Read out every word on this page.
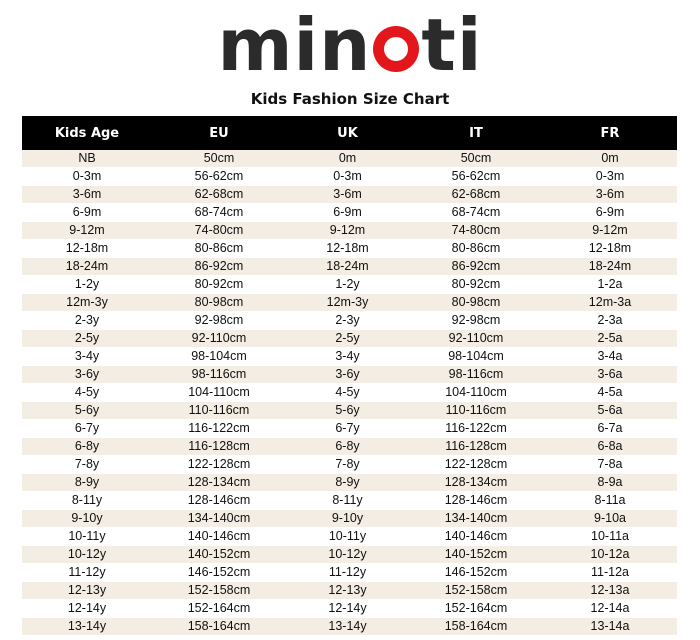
min ti
Kids Fashion Size Chart
Kids Age	EU	UK	IT	FR
NB	50cm	0m	50cm	0m
0-3m	56-62cm	0-3m	56-62cm	0-3m
3-6m	62-68cm	3-6m	62-68cm	3-6m
6-9m	68-74cm	6-9m	68-74cm	6-9m
9-12m	74-80cm	9-12m	74-80cm	9-12m
12-18m	80-86cm	12-18m	80-86cm	12-18m
18-24m	86-92cm	18-24m	86-92cm	18-24m
1-2y	80-92cm	1-2y	80-92cm	1-2a
12m-3y	80-98cm	12m-3y	80-98cm	12m-3a
2-3y	92-98cm	2-3y	92-98cm	2-3a
2-5y	92-110cm	2-5y	92-110cm	2-5a
3-4y	98-104cm	3-4y	98-104cm	3-4a
3-6y	98-116cm	3-6y	98-116cm	3-6a
4-5y	104-110cm	4-5y	104-110cm	4-5a
5-6y	110-116cm	5-6y	110-116cm	5-6a
6-7y	116-122cm	6-7y	116-122cm	6-7a
6-8y	116-128cm	6-8y	116-128cm	6-8a
7-8y	122-128cm	7-8y	122-128cm	7-8a
8-9y	128-134cm	8-9y	128-134cm	8-9a
8-11y	128-146cm	8-11y	128-146cm	8-11a
9-10y	134-140cm	9-10y	134-140cm	9-10a
10-11y	140-146cm	10-11y	140-146cm	10-11a
10-12y	140-152cm	10-12y	140-152cm	10-12a
11-12y	146-152cm	11-12y	146-152cm	11-12a
12-13y	152-158cm	12-13y	152-158cm	12-13a
12-14y	152-164cm	12-14y	152-164cm	12-14a
13-14y	158-164cm	13-14y	158-164cm	13-14a
